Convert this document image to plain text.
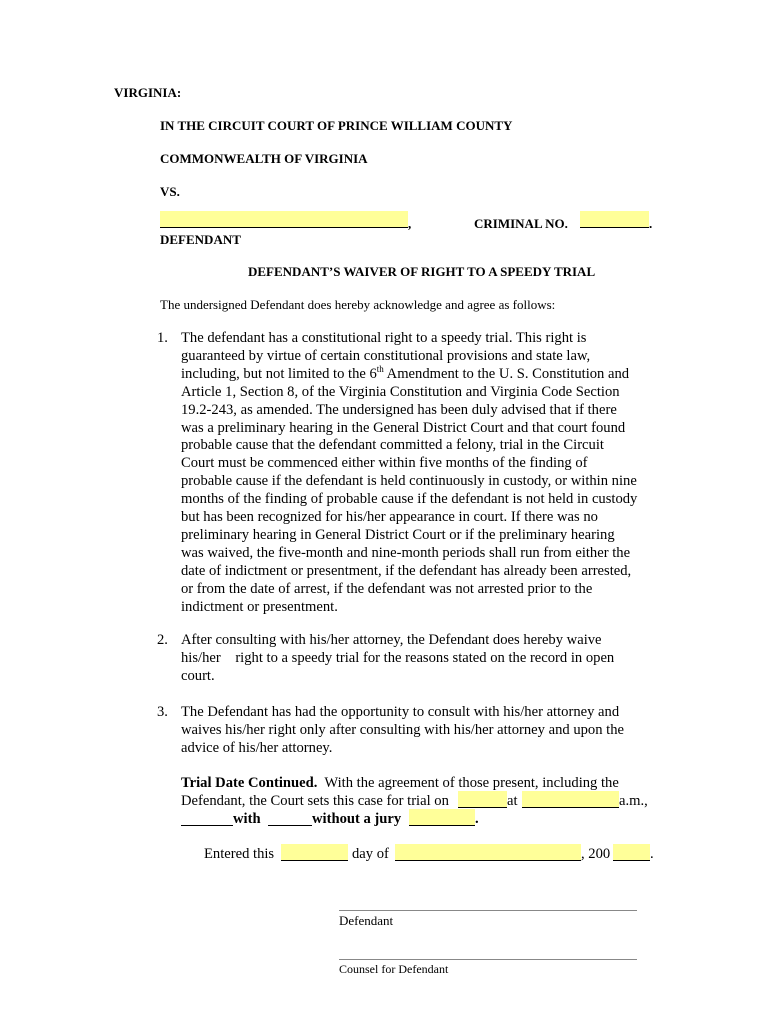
VIRGINIA:
IN THE CIRCUIT COURT OF PRINCE WILLIAM COUNTY
COMMONWEALTH OF VIRGINIA
VS.
,	CRIMINAL NO.	.
DEFENDANT
DEFENDANT’S WAIVER OF RIGHT TO A SPEEDY TRIAL
The undersigned Defendant does hereby acknowledge and agree as follows:
1. The defendant has a constitutional right to a speedy trial. This right is
guaranteed by virtue of certain constitutional provisions and state law,
including, but not limited to the 6th Amendment to the U. S. Constitution and
Article 1, Section 8, of the Virginia Constitution and Virginia Code Section
19.2-243, as amended. The undersigned has been duly advised that if there
was a preliminary hearing in the General District Court and that court found
probable cause that the defendant committed a felony, trial in the Circuit
Court must be commenced either within five months of the finding of
probable cause if the defendant is held continuously in custody, or within nine
months of the finding of probable cause if the defendant is not held in custody
but has been recognized for his/her appearance in court. If there was no
preliminary hearing in General District Court or if the preliminary hearing
was waived, the five-month and nine-month periods shall run from either the
date of indictment or presentment, if the defendant has already been arrested,
or from the date of arrest, if the defendant was not arrested prior to the
indictment or presentment.
2. After consulting with his/her attorney, the Defendant does hereby waive
his/her    right to a speedy trial for the reasons stated on the record in open
court.
3. The Defendant has had the opportunity to consult with his/her attorney and
waives his/her right only after consulting with his/her attorney and upon the
advice of his/her attorney.
Trial Date Continued.  With the agreement of those present, including the
Defendant, the Court sets this case for trial on	at	a.m.,
with	without a jury	.
Entered this	day of	, 200	.
Defendant
Counsel for Defendant
